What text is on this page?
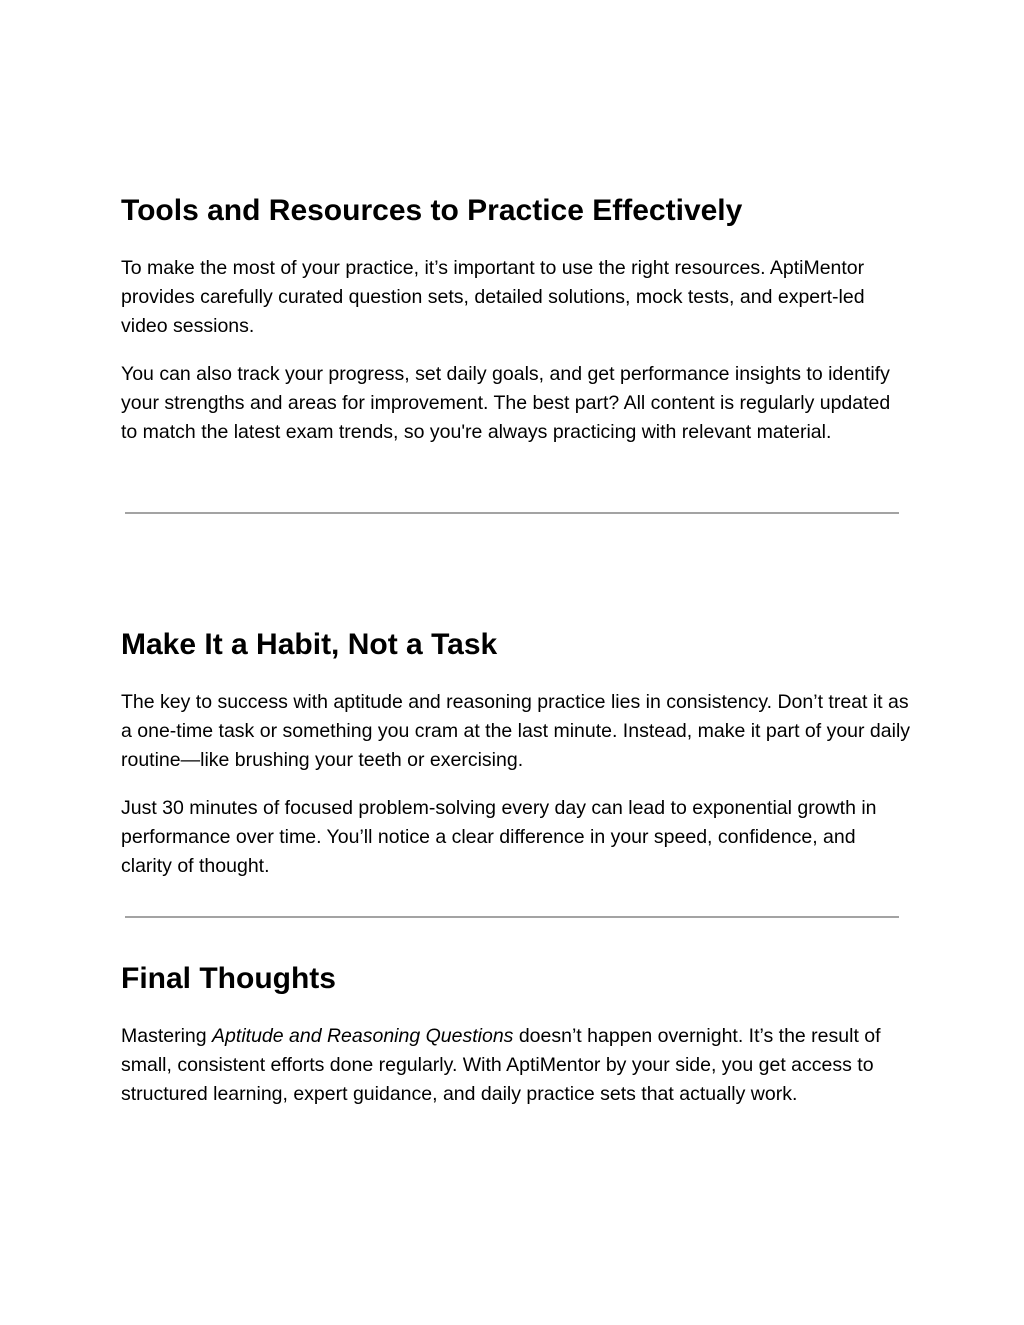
Tools and Resources to Practice Effectively

To make the most of your practice, it’s important to use the right resources. AptiMentor provides carefully curated question sets, detailed solutions, mock tests, and expert-led video sessions.

You can also track your progress, set daily goals, and get performance insights to identify your strengths and areas for improvement. The best part? All content is regularly updated to match the latest exam trends, so you're always practicing with relevant material.

Make It a Habit, Not a Task

The key to success with aptitude and reasoning practice lies in consistency. Don’t treat it as a one-time task or something you cram at the last minute. Instead, make it part of your daily routine—like brushing your teeth or exercising.

Just 30 minutes of focused problem-solving every day can lead to exponential growth in performance over time. You’ll notice a clear difference in your speed, confidence, and clarity of thought.

Final Thoughts

Mastering Aptitude and Reasoning Questions doesn’t happen overnight. It’s the result of small, consistent efforts done regularly. With AptiMentor by your side, you get access to structured learning, expert guidance, and daily practice sets that actually work.
